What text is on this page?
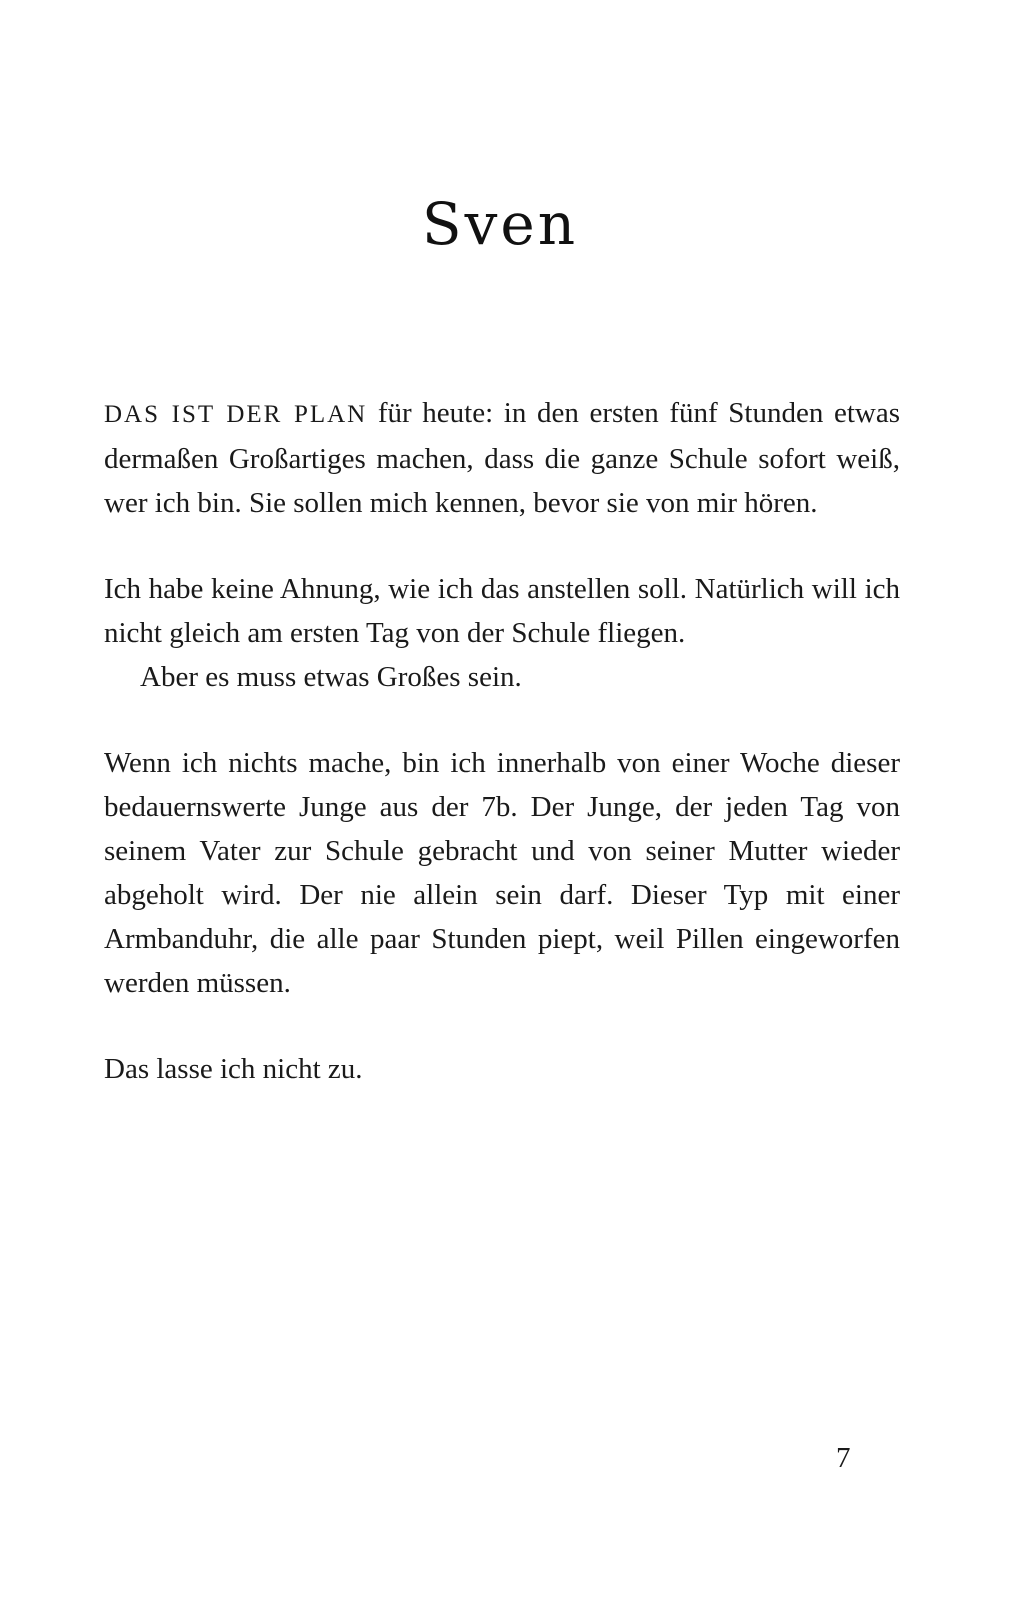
Sven

DAS IST DER PLAN für heute: in den ersten fünf Stunden etwas dermaßen Großartiges machen, dass die ganze Schule sofort weiß, wer ich bin. Sie sollen mich kennen, bevor sie von mir hören.

Ich habe keine Ahnung, wie ich das anstellen soll. Natürlich will ich nicht gleich am ersten Tag von der Schule fliegen.

Aber es muss etwas Großes sein.

Wenn ich nichts mache, bin ich innerhalb von einer Woche dieser bedauernswerte Junge aus der 7b. Der Junge, der jeden Tag von seinem Vater zur Schule gebracht und von seiner Mutter wieder abgeholt wird. Der nie allein sein darf. Dieser Typ mit einer Armbanduhr, die alle paar Stunden piept, weil Pillen eingeworfen werden müssen.

Das lasse ich nicht zu.

7
